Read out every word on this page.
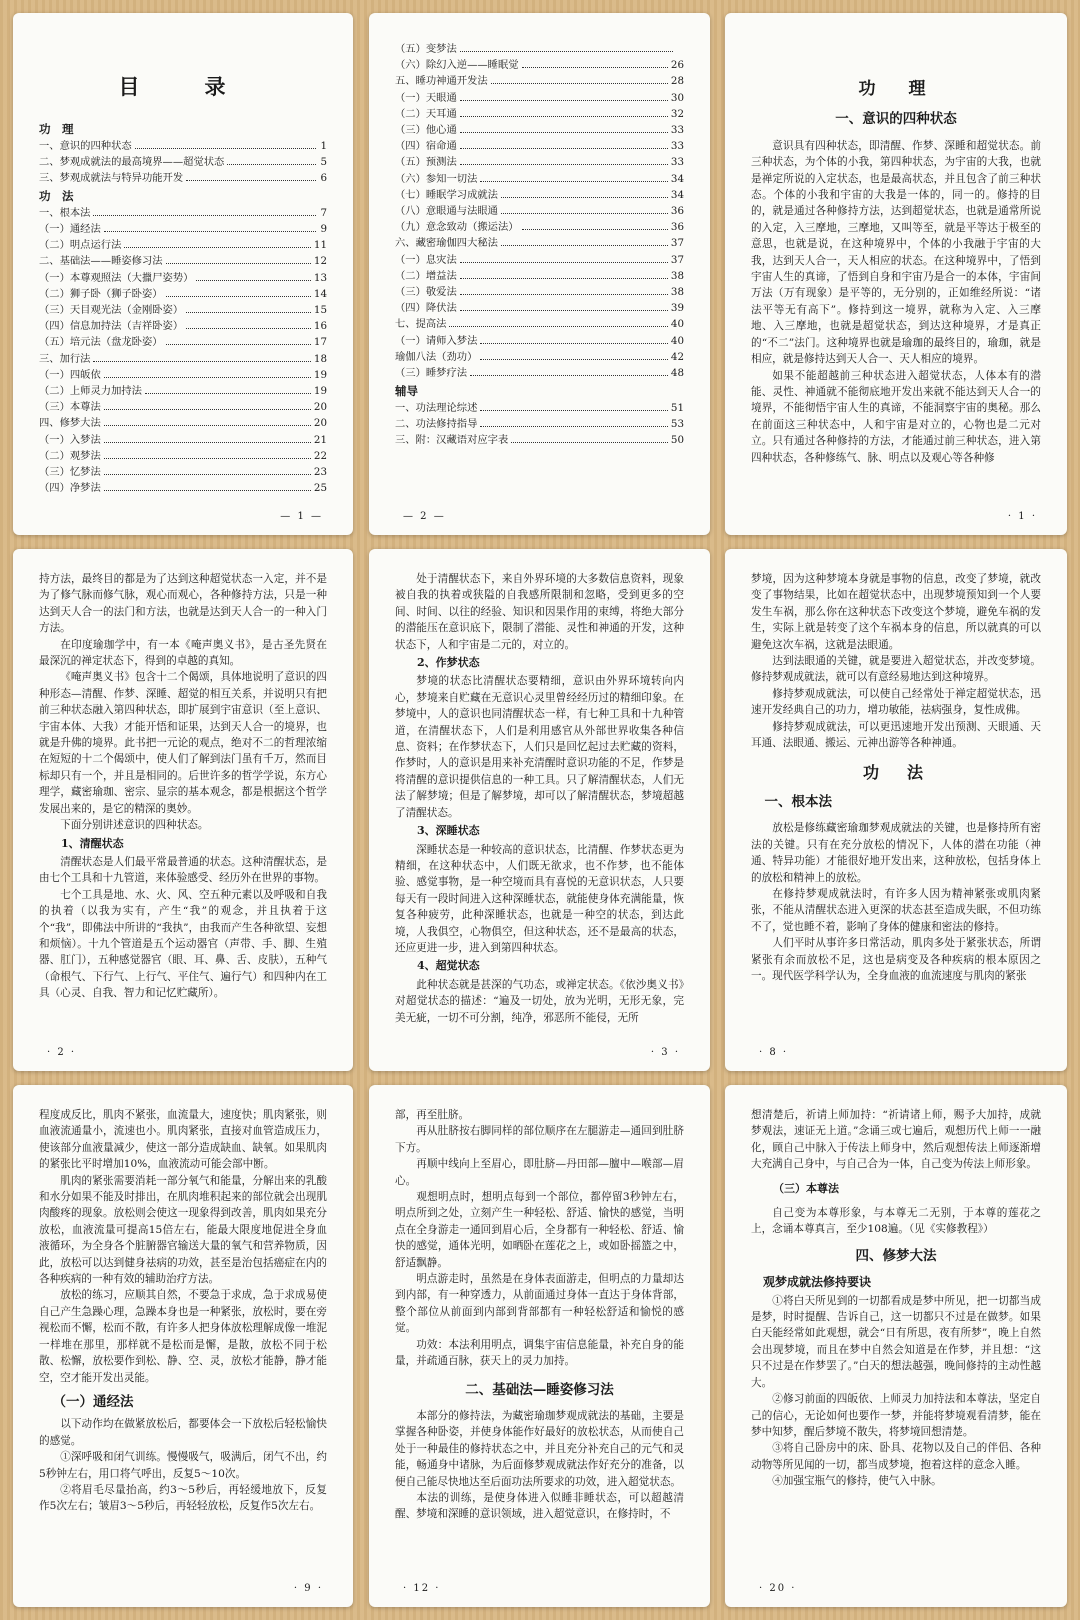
目　录
功　理
一、意识的四种状态	1
二、梦观成就法的最高境界——超觉状态	5
三、梦观成就法与特异功能开发	6
功　法
一、根本法	7
（一）通经法	9
（二）明点运行法	11
二、基础法——睡姿修习法	12
（一）本尊观照法（大擸尸姿势）	13
（二）狮子卧（狮子卧姿）	14
（三）天目观光法（金刚卧姿）	15
（四）信息加持法（吉祥卧姿）	16
（五）培元法（盘龙卧姿）	17
三、加行法	18
（一）四皈依	19
（二）上师灵力加持法	19
（三）本尊法	20
四、修梦大法	20
（一）入梦法	21
（二）观梦法	22
（三）忆梦法	23
（四）净梦法	25
— 1 —
（五）变梦法
（六）除幻入逆——睡眠觉	26
五、睡功神通开发法	28
（一）天眼通	30
（二）天耳通	32
（三）他心通	33
（四）宿命通	33
（五）预测法	33
（六）参知一切法	34
（七）睡眠学习成就法	34
（八）意眼通与法眼通	36
（九）意念致动（搬运法）	36
六、藏密瑜伽四大秘法	37
（一）息灾法	37
（二）增益法	38
（三）敬爱法	38
（四）降伏法	39
七、提高法	40
（一）请师入梦法	40
瑜伽八法（劲功）	42
（三）睡梦疗法	48
辅导
一、功法理论综述	51
二、功法修持指导	53
三、附：汉藏语对应字表	50
— 2 —
功　理
一、意识的四种状态

意识具有四种状态，即清醒、作梦、深睡和超觉状态。前三种状态，为个体的小我，第四种状态，为宇宙的大我，也就是禅定所说的入定状态，也是最高状态，并且包含了前三种状态。个体的小我和宇宙的大我是一体的，同一的。修持的目的，就是通过各种修持方法，达到超觉状态，也就是通常所说的入定，入三摩地，三摩地，又叫等至，就是平等达于极至的意思，也就是说，在这种境界中，个体的小我融于宇宙的大我，达到天人合一，天人相应的状态。在这种境界中，了悟到宇宙人生的真谛，了悟到自身和宇宙乃是合一的本体，宇宙间万法（万有现象）是平等的，无分别的，正如维经所说：“诸法平等无有高下”。修持到这一境界，就称为入定、入三摩地、入三摩地，也就是超觉状态，到达这种境界，才是真正的“不二”法门。这种境界也就是瑜珈的最终目的，瑜珈，就是相应，就是修持达到天人合一、天人相应的境界。

如果不能超越前三种状态进入超觉状态，人体本有的潜能、灵性、神通就不能彻底地开发出来就不能达到天人合一的境界，不能彻悟宇宙人生的真谛，不能洞察宇宙的奥秘。那么在前面这三种状态中，人和宇宙是对立的，心物也是二元对立。只有通过各种修持的方法，才能通过前三种状态，进入第四种状态，各种修练气、脉、明点以及观心等各种修

· 1 ·

持方法，最终目的都是为了达到这种超觉状态一入定，并不是为了修气脉而修气脉，观心而观心，各种修持方法，只是一种达到天人合一的法门和方法，也就是达到天人合一的一种入门方法。

在印度瑜珈学中，有一本《唵声奥义书》，是古圣先贤在最深沉的禅定状态下，得到的卓越的真知。

《唵声奥义书》包含十二个偈颂，具体地说明了意识的四种形态—清醒、作梦、深睡、超觉的相互关系，并说明只有把前三种状态融入第四种状态，即扩展到宇宙意识（至上意识、宇宙本体、大我）才能开悟和证果，达到天人合一的境界，也就是升佛的境界。此书把一元论的观点，绝对不二的哲理浓缩在短短的十二个偈颂中，使人们了解到法门虽有千万，然而目标却只有一个，并且是相同的。后世许多的哲学学说，东方心理学，藏密瑜珈、密宗、显宗的基本观念，都是根据这个哲学发展出来的，是它的精深的奥妙。

下面分别讲述意识的四种状态。

1、清醒状态

清醒状态是人们最平常最普通的状态。这种清醒状态，是由七个工具和十九管道，来体验感受、经历外在世界的事物。

七个工具是地、水、火、风、空五种元素以及呼吸和自我的执着（以我为实有，产生“我”的观念，并且执着于这个“我”，即佛法中所讲的“我执”，由我而产生各种欲望、妄想和烦恼）。十九个管道是五个运动器官（声带、手、脚、生殖器、肛门），五种感觉器官（眼、耳、鼻、舌、皮肤），五种气（命根气、下行气、上行气、平住气、遍行气）和四种内在工具（心灵、自我、智力和记忆贮藏所）。

· 2 ·

处于清醒状态下，来自外界环境的大多数信息资料，现象被自我的执着或狭隘的自我感所限制和忽略，受到更多的空间、时间、以往的经验、知识和因果作用的束缚，将绝大部分的潜能压在意识底下，限制了潜能、灵性和神通的开发，这种状态下，人和宇宙是二元的，对立的。

2、作梦状态

梦境的状态比清醒状态要精细，意识由外界环境转向内心，梦境来自贮藏在无意识心灵里曾经经历过的精细印象。在梦境中，人的意识也同清醒状态一样，有七种工具和十九种管道，在清醒状态下，人们是利用感官从外部世界收集各种信息、资料；在作梦状态下，人们只是回忆起过去贮藏的资料，作梦时，人的意识是用来补充清醒时意识功能的不足，作梦是将清醒的意识提供信息的一种工具。只了解清醒状态，人们无法了解梦境；但是了解梦境，却可以了解清醒状态，梦境超越了清醒状态。

3、深睡状态

深睡状态是一种较高的意识状态，比清醒、作梦状态更为精细，在这种状态中，人们既无欲求，也不作梦，也不能体验、感觉事物，是一种空境而具有喜悦的无意识状态，人只要每天有一段时间进入这种深睡状态，就能使身体充满能量，恢复各种疲劳，此种深睡状态，也就是一种空的状态，到达此境，人我俱空，心物俱空，但这种状态，还不是最高的状态，还应更进一步，进入到第四种状态。

4、超觉状态

此种状态就是甚深的气功态，或禅定状态。《依沙奥义书》对超觉状态的描述：“遍及一切处，放为光明，无形无象，完美无疵，一切不可分割，纯净，邪恶所不能侵，无所

· 3 ·

梦境，因为这种梦境本身就是事物的信息，改变了梦境，就改变了事物结果，比如在超觉状态中，出现梦境预知到一个人要发生车祸，那么你在这种状态下改变这个梦境，避免车祸的发生，实际上就是转变了这个车祸本身的信息，所以就真的可以避免这次车祸，这就是法眼通。

达到法眼通的关键，就是要进入超觉状态，并改变梦境。修持梦观成就法，就可以有意经易地达到这种境界。

修持梦观成就法，可以使自己经常处于禅定超觉状态，迅速开发经典自己的功力，增功敏能，祛病强身，复性成佛。

修持梦观成就法，可以更迅速地开发出预测、天眼通、天耳通、法眼通、搬运、元神出游等各种神通。

功　法
一、根本法

放松是修练藏密瑜珈梦观成就法的关键，也是修持所有密法的关键。只有在充分放松的情况下，人体的潜在功能（神通、特异功能）才能很好地开发出来，这种放松，包括身体上的放松和精神上的放松。

在修持梦观成就法时，有许多人因为精神紧张或肌肉紧张，不能从清醒状态进入更深的状态甚至造成失眠，不但功练不了，觉也睡不着，影响了身体的健康和密法的修持。

人们平时从事许多日常活动，肌肉多处于紧张状态，所谓紧张有余而放松不足，这也是病变及各种疾病的根本原因之一。现代医学科学认为，全身血液的血流速度与肌肉的紧张

· 8 ·

程度成反比，肌肉不紧张，血流量大，速度快；肌肉紧张，则血液流通量小，流速也小。肌肉紧张，直接对血管造成压力，使该部分血液量减少，使这一部分造成缺血、缺氧。如果肌肉的紧张比平时增加10%，血液流动可能会部中断。

肌肉的紧张需要消耗一部分氧气和能量，分解出来的乳酸和水分如果不能及时排出，在肌肉堆积起来的部位就会出现肌肉酸疼的现象。放松则会使这一现象得到改善，肌肉如果充分放松，血液流量可提高15倍左右，能最大限度地促进全身血液循环，为全身各个脏腑器官输送大量的氧气和营养物质，因此，放松可以达到健身祛病的功效，甚至是治包括癌症在内的各种疾病的一种有效的辅助治疗方法。

放松的练习，应顺其自然，不要急于求成，急于求成易使自己产生急躁心理，急躁本身也是一种紧张，放松时，要在旁视松而不懈，松而不散，有许多人把身体放松理解成像一堆泥一样堆在那里，那样就不是松而是懈，是散，放松不同于松散、松懈，放松要作到松、静、空、灵，放松才能静，静才能空，空才能开发出灵能。

（一）通经法

以下动作均在做紧放松后，都要体会一下放松后轻松愉快的感觉。

①深呼吸和闭气训练。慢慢吸气，吸满后，闭气不出，约5秒钟左右，用口将气呼出，反复5～10次。

②将眉毛尽量抬高，约3～5秒后，再轻缓地放下，反复作5次左右；皱眉3～5秒后，再轻轻放松，反复作5次左右。

· 9 ·

部，再至肚脐。

再从肚脐按右脚同样的部位顺序在左腿游走—通回到肚脐下方。

再顺中线向上至眉心，即肚脐—丹田部—膻中—喉部—眉心。

观想明点时，想明点每到一个部位，都停留3秒钟左右，明点所到之处，立刻产生一种轻松、舒适、愉快的感觉，当明点在全身游走一通回到眉心后，全身都有一种轻松、舒适、愉快的感觉，通体光明，如晒卧在莲花之上，或如卧摇篮之中，舒适飘静。

明点游走时，虽然是在身体表面游走，但明点的力量却达到内部，有一种穿透力，从前面通过身体一直达于身体背部，整个部位从前面到内部到背部都有一种轻松舒适和愉悦的感觉。

功效：本法利用明点，调集宇宙信息能量，补充自身的能量，并疏通百脉，获天上的灵力加持。

二、基础法—睡姿修习法

本部分的修持法，为藏密瑜珈梦观成就法的基础，主要是掌握各种卧姿，并使身体能作好最好的放松状态，从而使自己处于一种最佳的修持状态之中，并且充分补充自己的元气和灵能，畅通身中诸脉，为后面修梦观成就法作好充分的准备，以便自己能尽快地达至后面功法所要求的功效，进入超觉状态。

本法的训练，是使身体进入似睡非睡状态，可以超越清醒、梦境和深睡的意识领域，进入超觉意识，在修持时，不

· 12 ·

想清楚后，祈请上师加持：“祈请诸上师，赐予大加持，成就梦观法，速证无上道。”念诵三或七遍后，观想历代上师一一融化，顾自己中脉入于传法上师身中，然后观想传法上师逐渐增大充满自己身中，与自己合为一体，自己变为传法上师形象。

（三）本尊法

自己变为本尊形象，与本尊无二无别，于本尊的莲花之上，念诵本尊真言，至少108遍。（见《实修教程》）

四、修梦大法
观梦成就法修持要诀

①将白天所见到的一切都看成是梦中所见，把一切都当成是梦，时时提醒、告诉自己，这一切都只不过是在做梦。如果白天能经常如此观想，就会“日有所思，夜有所梦”，晚上自然会出现梦境，而且在梦中自然会知道是在作梦，并且想：“这只不过是在作梦罢了。”白天的想法越强，晚间修持的主动性越大。

②修习前面的四皈依、上师灵力加持法和本尊法，坚定自己的信心，无论如何也要作一梦，并能将梦境观看清梦，能在梦中知梦，醒后梦境不散失，将梦境回想清楚。

③将自己卧房中的床、卧具、花物以及自己的伴侣、各种动物等所见闻的一切，都当成梦境，抱着这样的意念入睡。

④加强宝瓶气的修持，使气入中脉。

· 20 ·
